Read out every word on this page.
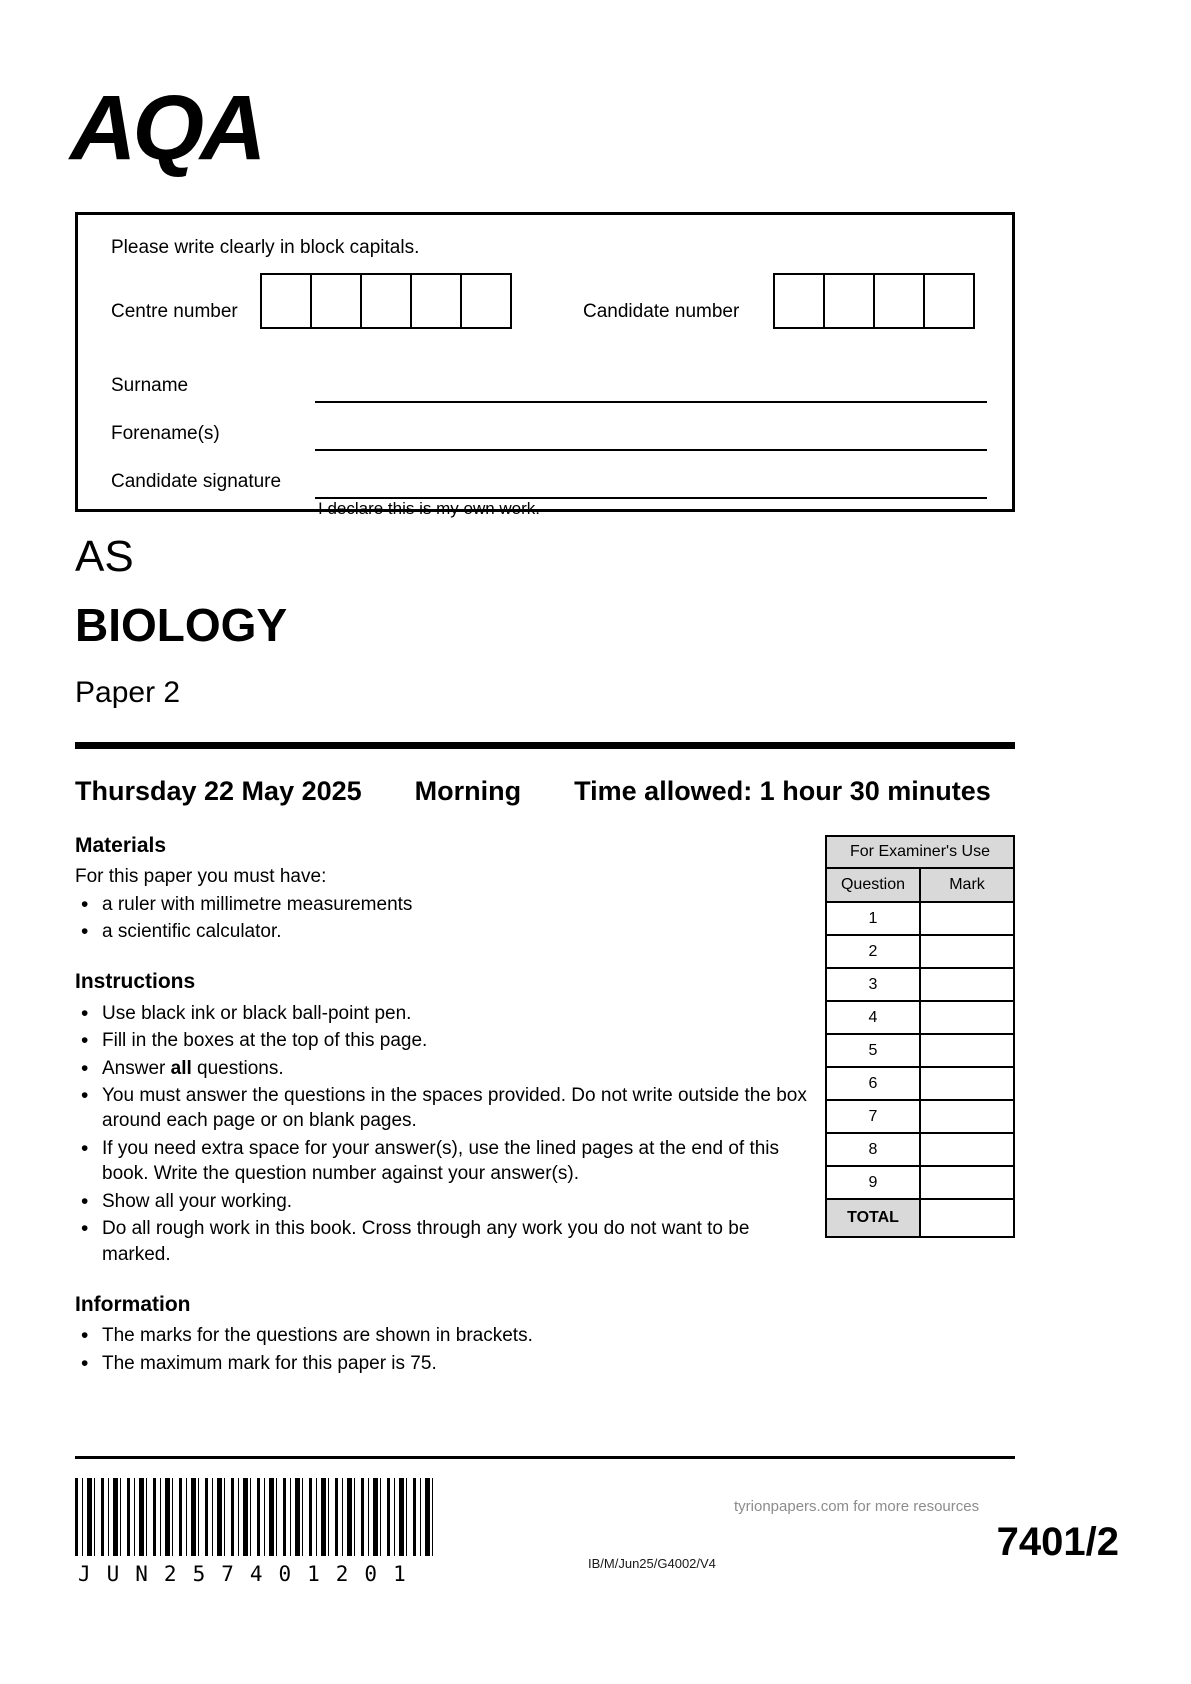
AQA
Please write clearly in block capitals.
Centre number	Candidate number
Surname
Forename(s)
Candidate signature
I declare this is my own work.
AS
BIOLOGY
Paper 2
Thursday 22 May 2025 Morning Time allowed: 1 hour 30 minutes

Materials

For this paper you must have:

• a ruler with millimetre measurements
• a scientific calculator.

Instructions

• Use black ink or black ball-point pen.
• Fill in the boxes at the top of this page.
• Answer all questions.
• You must answer the questions in the spaces provided. Do not write outside the box around each page or on blank pages.
• If you need extra space for your answer(s), use the lined pages at the end of this book. Write the question number against your answer(s).
• Show all your working.
• Do all rough work in this book. Cross through any work you do not want to be marked.

Information

• The marks for the questions are shown in brackets.
• The maximum mark for this paper is 75.
For Examiner's Use	
Question	Mark
1	
2	
3	
4	
5	
6	
7	
8	
9	
TOTAL	
JUN257401201
tyrionpapers.com for more resources
IB/M/Jun25/G4002/V4	7401/2
